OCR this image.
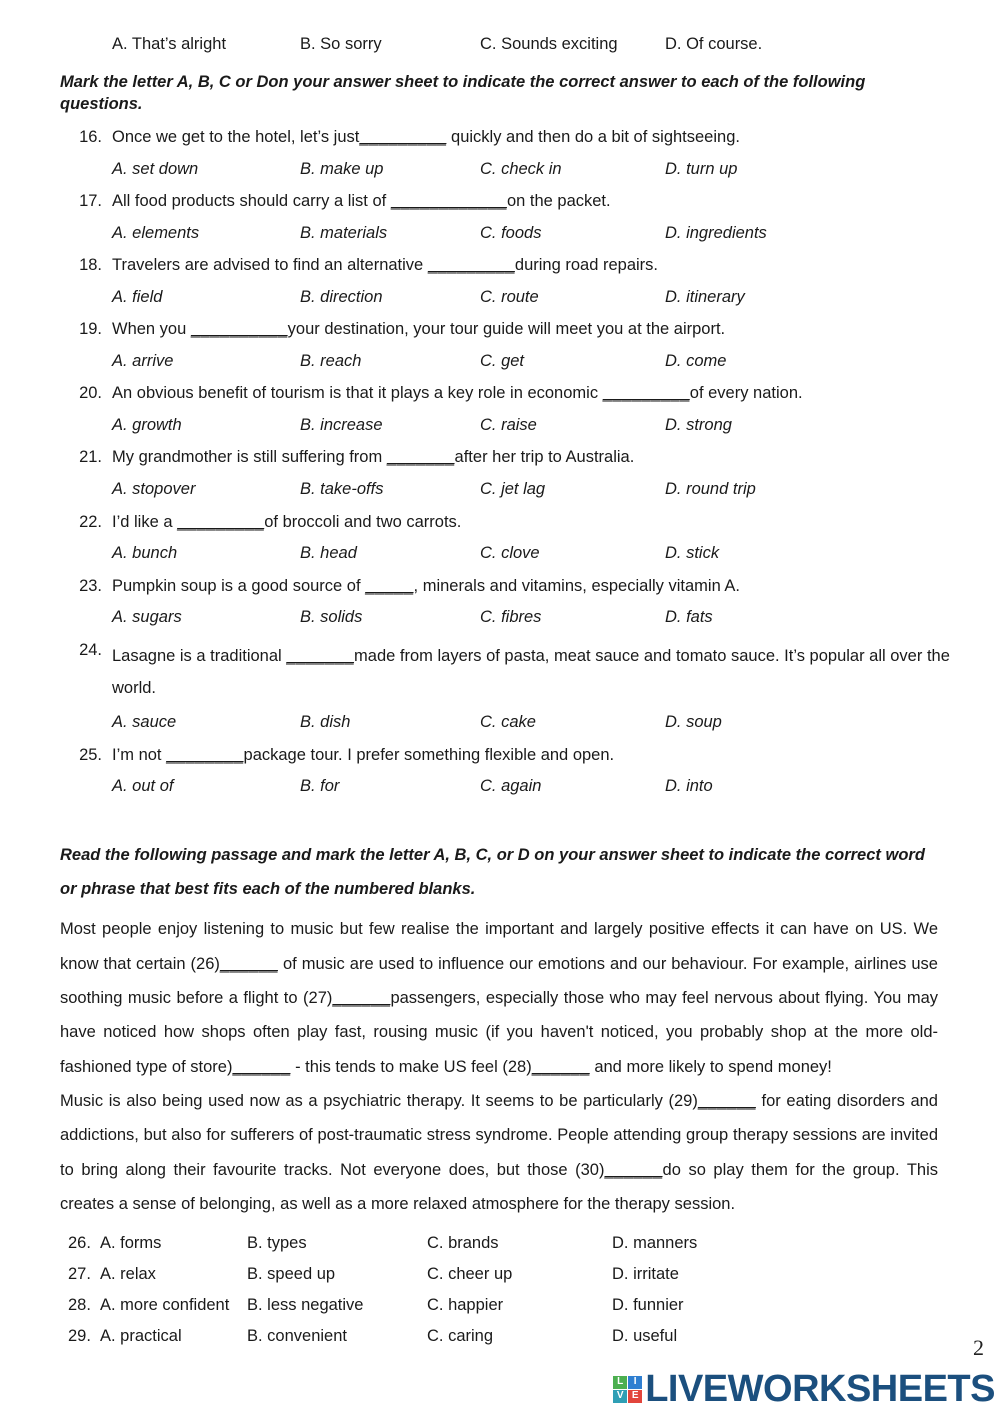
A. That’s alright	B. So sorry	C. Sounds exciting	D. Of course.
Mark the letter A, B, C or Don your answer sheet to indicate the correct answer to each of the following questions.
16. Once we get to the hotel, let’s just_________ quickly and then do a bit of sightseeing.
A. set down	B. make up	C. check in	D. turn up
17. All food products should carry a list of ____________on the packet.
A. elements	B. materials	C. foods	D. ingredients
18. Travelers are advised to find an alternative _________during road repairs.
A. field	B. direction	C. route	D. itinerary
19. When you __________your destination, your tour guide will meet you at the airport.
A. arrive	B. reach	C. get	D. come
20. An obvious benefit of tourism is that it plays a key role in economic _________of every nation.
A. growth	B. increase	C. raise	D. strong
21. My grandmother is still suffering from _______after her trip to Australia.
A. stopover	B. take-offs	C. jet lag	D. round trip
22. I’d like a _________of broccoli and two carrots.
A. bunch	B. head	C. clove	D. stick
23. Pumpkin soup is a good source of _____, minerals and vitamins, especially vitamin A.
A. sugars	B. solids	C. fibres	D. fats
24. Lasagne is a traditional _______made from layers of pasta, meat sauce and tomato sauce. It’s popular all over the world.
A. sauce	B. dish	C. cake	D. soup
25. I’m not ________package tour. I prefer something flexible and open.
A. out of	B. for	C. again	D. into
Read the following passage and mark the letter A, B, C, or D on your answer sheet to indicate the correct word or phrase that best fits each of the numbered blanks.
Most people enjoy listening to music but few realise the important and largely positive effects it can have on US. We know that certain (26)______ of music are used to influence our emotions and our behaviour. For example, airlines use soothing music before a flight to (27)______passengers, especially those who may feel nervous about flying. You may have noticed how shops often play fast, rousing music (if you haven't noticed, you probably shop at the more old-fashioned type of store)______ - this tends to make US feel (28)______ and more likely to spend money!
Music is also being used now as a psychiatric therapy. It seems to be particularly (29)______ for eating disorders and addictions, but also for sufferers of post-traumatic stress syndrome. People attending group therapy sessions are invited to bring along their favourite tracks. Not everyone does, but those (30)______do so play them for the group. This creates a sense of belonging, as well as a more relaxed atmosphere for the therapy session.
26. A. forms	B. types	C. brands	D. manners
27. A. relax	B. speed up	C. cheer up	D. irritate
28. A. more confident	B. less negative	C. happier	D. funnier
29. A. practical	B. convenient	C. caring	D. useful	2
L	I
V E LIVEWORKSHEETS
